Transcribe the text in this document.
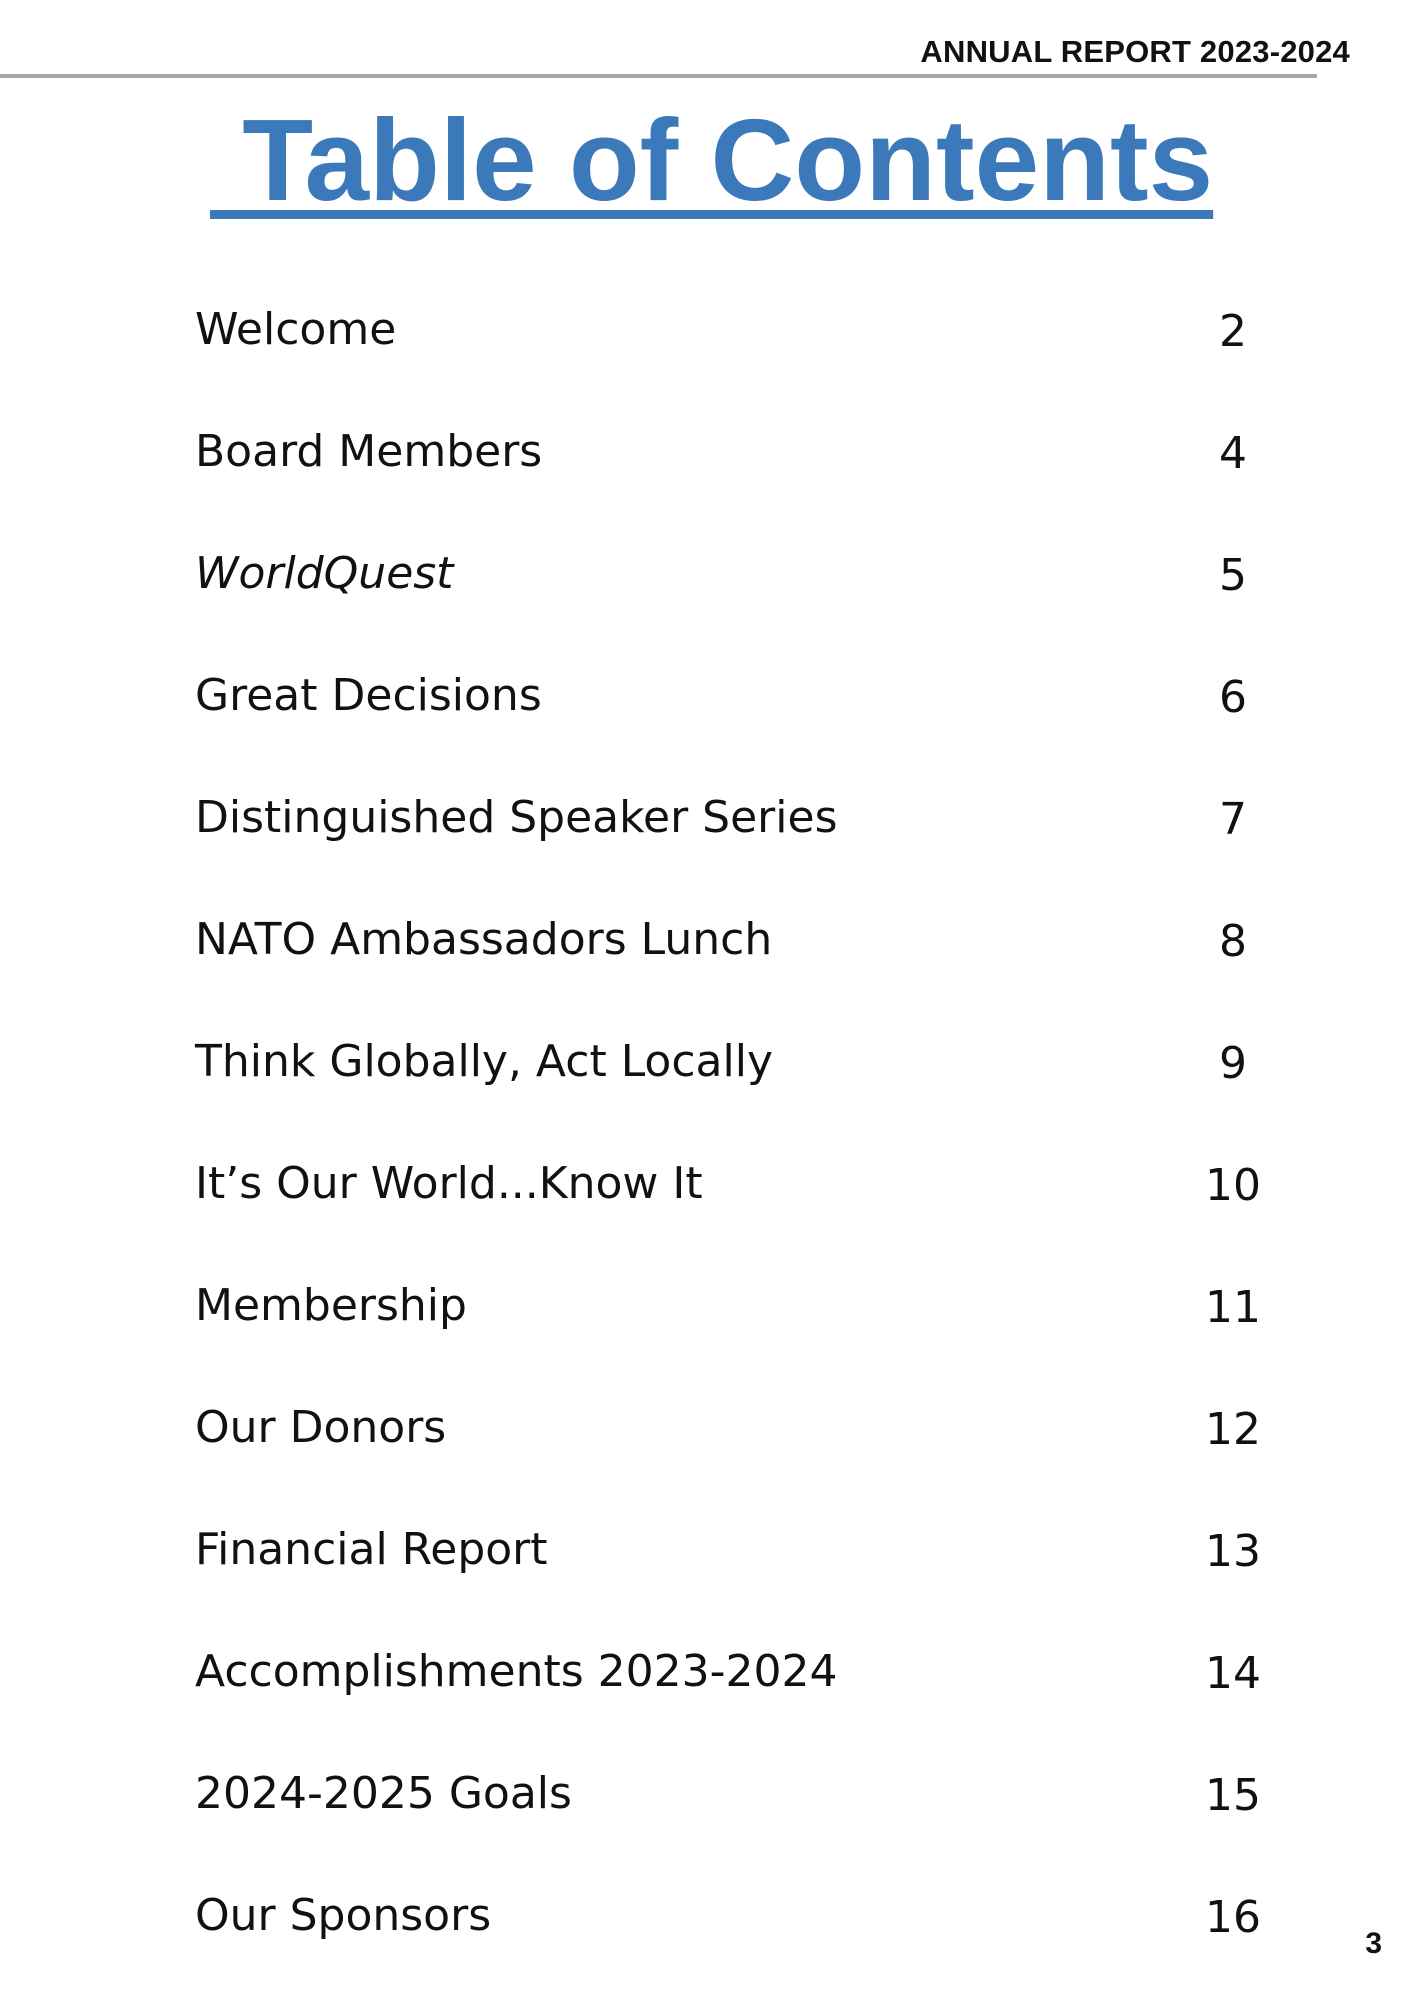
ANNUAL REPORT 2023-2024
Table of Contents
Welcome	2
Board Members	4
WorldQuest	5
Great Decisions	6
Distinguished Speaker Series	7
NATO Ambassadors Lunch	8
Think Globally, Act Locally	9
It’s Our World...Know It	10
Membership	11
Our Donors	12
Financial Report	13
Accomplishments 2023-2024	14
2024-2025 Goals	15
Our Sponsors	16
3
